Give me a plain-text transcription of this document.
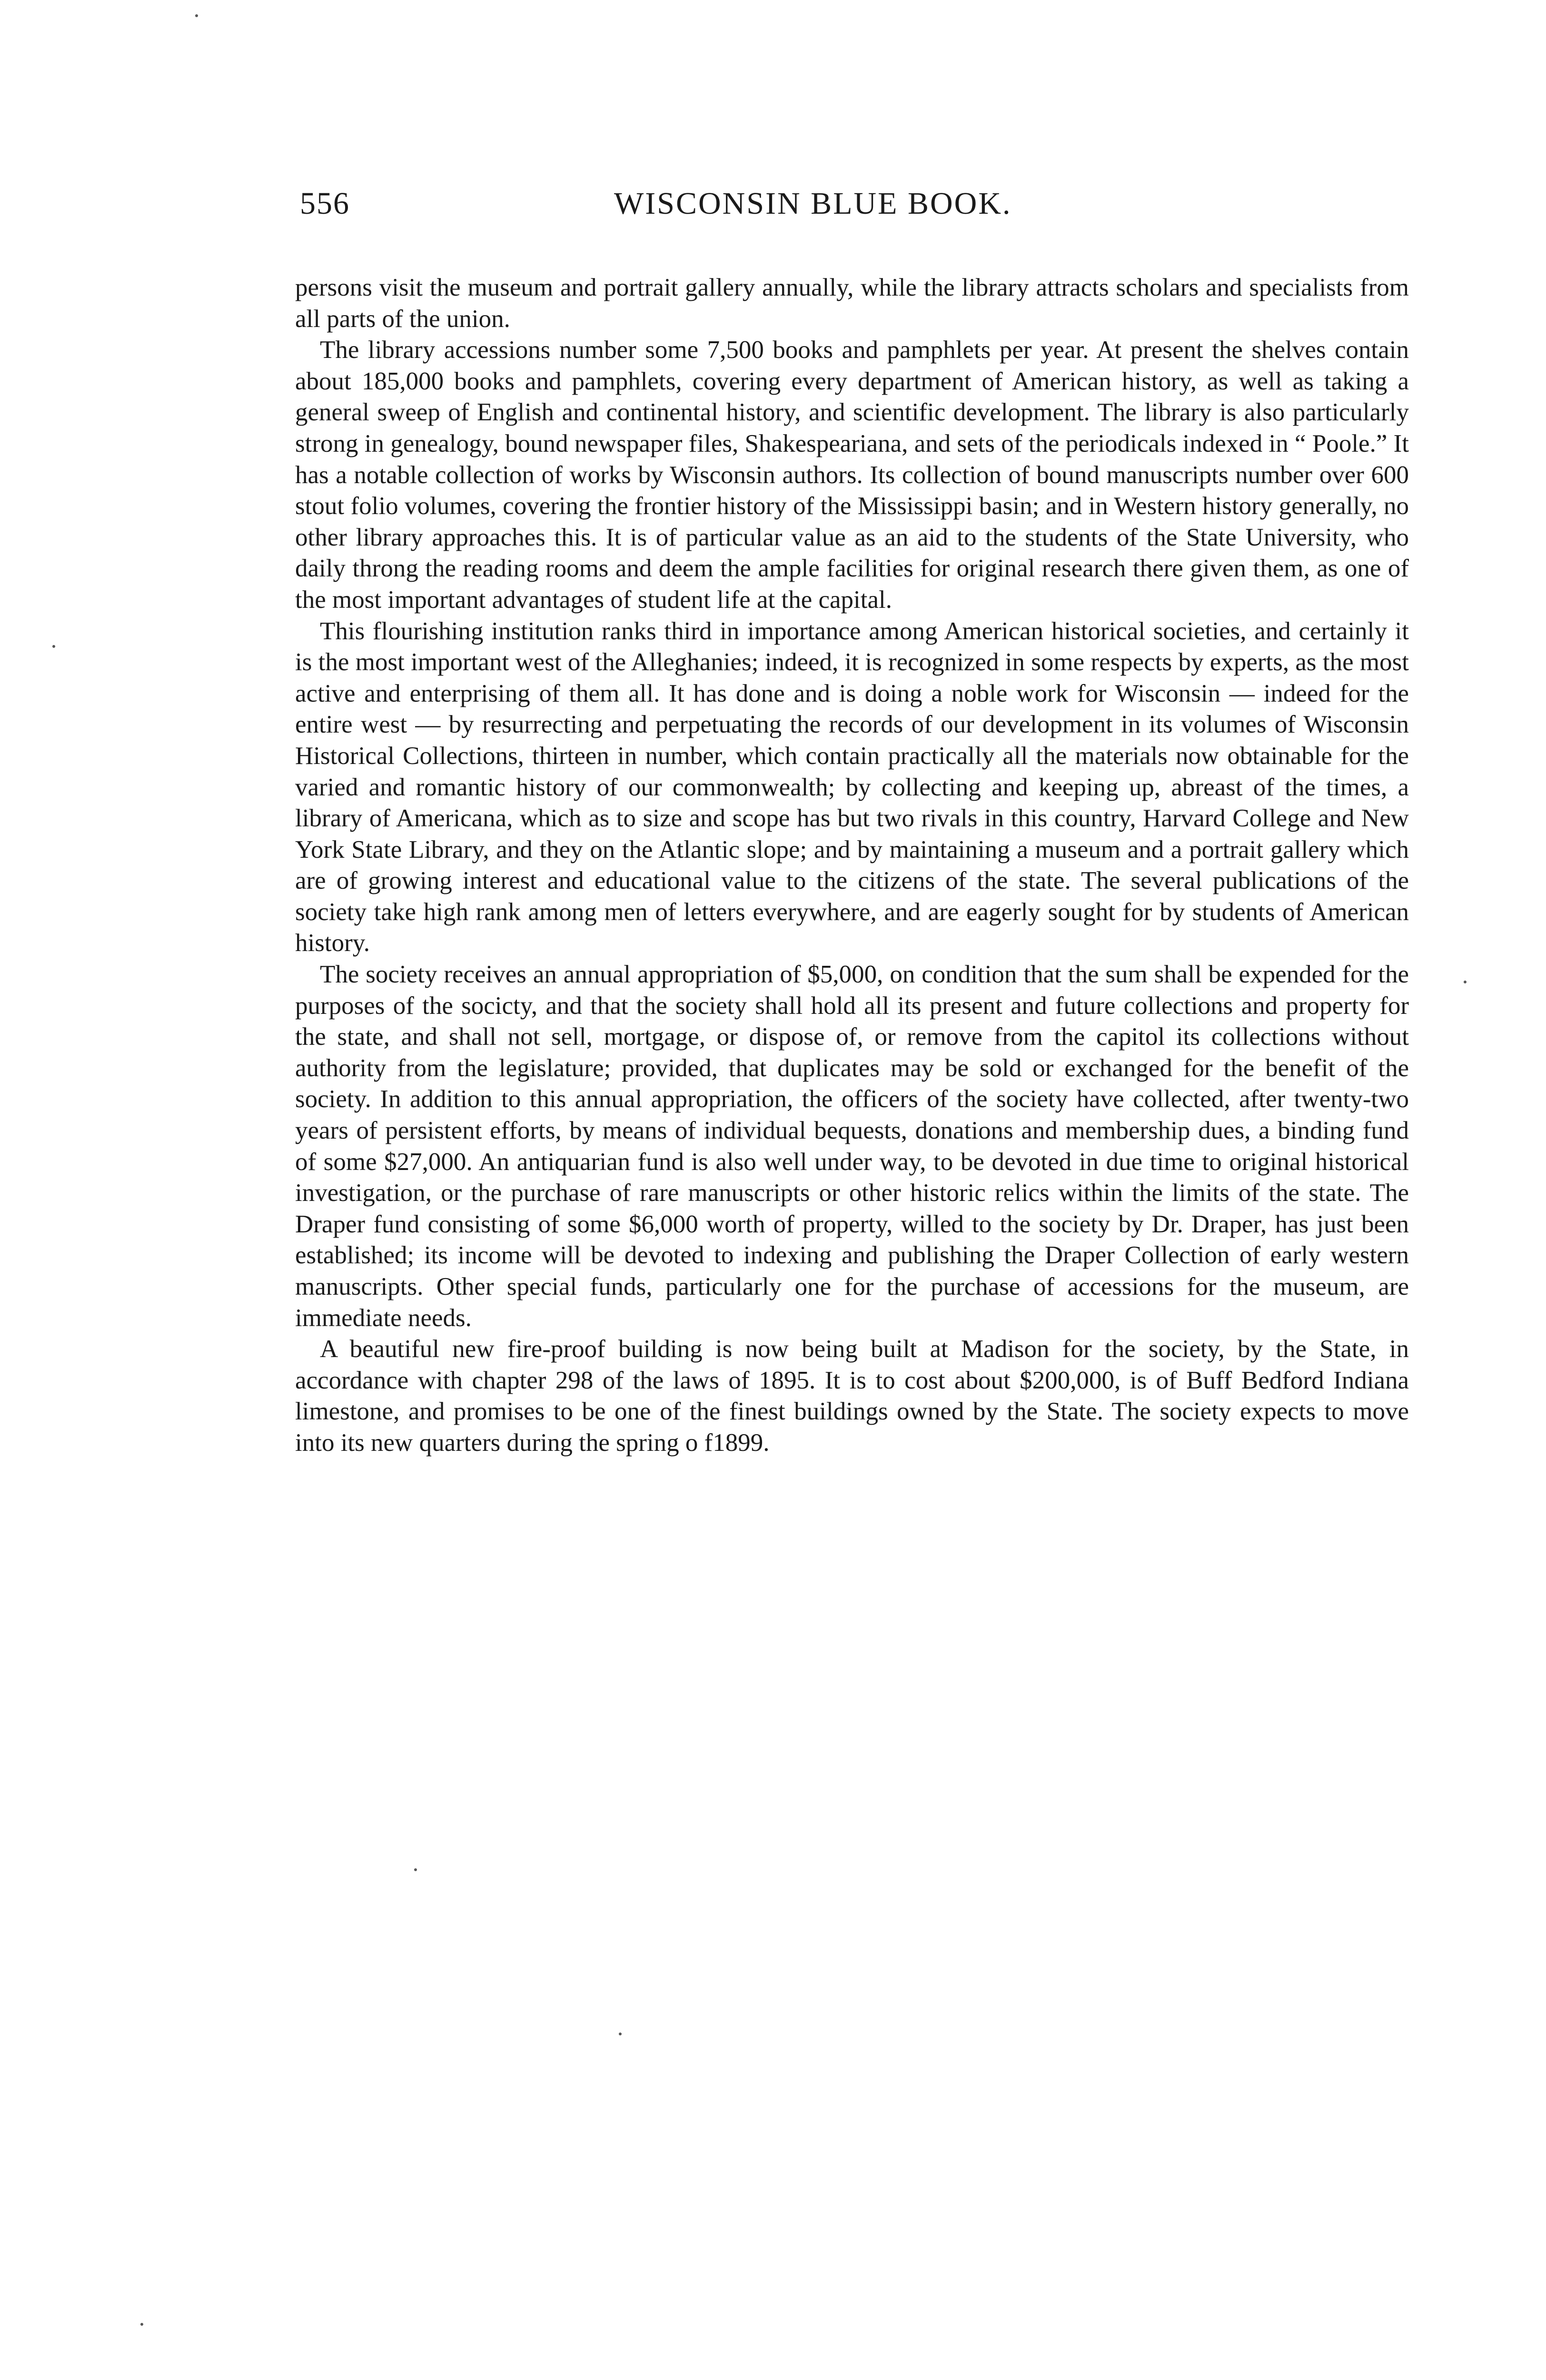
556	WISCONSIN BLUE BOOK.

persons visit the museum and portrait gallery annually, while the library attracts scholars and specialists from all parts of the union.

The library accessions number some 7,500 books and pamphlets per year. At present the shelves contain about 185,000 books and pamphlets, covering every department of American history, as well as taking a general sweep of English and continental history, and scientific development. The library is also particularly strong in genealogy, bound newspaper files, Shakespeariana, and sets of the periodicals indexed in “ Poole.” It has a notable collection of works by Wisconsin authors. Its collection of bound manuscripts number over 600 stout folio volumes, covering the frontier history of the Mississippi basin; and in Western history generally, no other library approaches this. It is of particular value as an aid to the students of the State University, who daily throng the reading rooms and deem the ample facilities for original research there given them, as one of the most important advantages of student life at the capital.

This flourishing institution ranks third in importance among American historical societies, and certainly it is the most important west of the Alleghanies; indeed, it is recognized in some respects by experts, as the most active and enterprising of them all. It has done and is doing a noble work for Wisconsin — indeed for the entire west — by resurrecting and perpetuating the records of our development in its volumes of Wisconsin Historical Collections, thirteen in number, which contain practically all the materials now obtainable for the varied and romantic history of our commonwealth; by collecting and keeping up, abreast of the times, a library of Americana, which as to size and scope has but two rivals in this country, Harvard College and New York State Library, and they on the Atlantic slope; and by maintaining a museum and a portrait gallery which are of growing interest and educational value to the citizens of the state. The several publications of the society take high rank among men of letters everywhere, and are eagerly sought for by students of American history.

The society receives an annual appropriation of $5,000, on condition that the sum shall be expended for the purposes of the socicty, and that the society shall hold all its present and future collections and property for the state, and shall not sell, mortgage, or dispose of, or remove from the capitol its collections without authority from the legislature; provided, that duplicates may be sold or exchanged for the benefit of the society. In addition to this annual appropriation, the officers of the society have collected, after twenty-two years of persistent efforts, by means of individual bequests, donations and membership dues, a binding fund of some $27,000. An antiquarian fund is also well under way, to be devoted in due time to original historical investigation, or the purchase of rare manuscripts or other historic relics within the limits of the state. The Draper fund consisting of some $6,000 worth of property, willed to the society by Dr. Draper, has just been established; its income will be devoted to indexing and publishing the Draper Collection of early western manuscripts. Other special funds, particularly one for the purchase of accessions for the museum, are immediate needs.

A beautiful new fire-proof building is now being built at Madison for the society, by the State, in accordance with chapter 298 of the laws of 1895. It is to cost about $200,000, is of Buff Bedford Indiana limestone, and promises to be one of the finest buildings owned by the State. The society expects to move into its new quarters during the spring o f1899.
